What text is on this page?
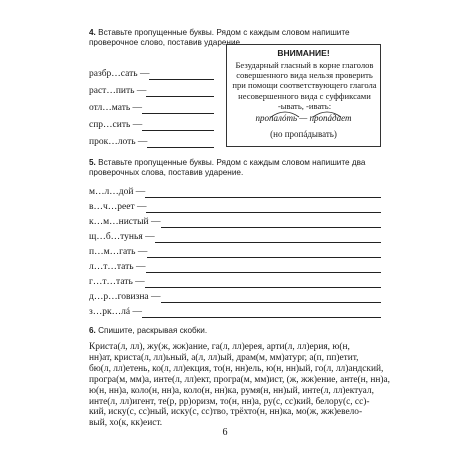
4. Вставьте пропущенные буквы. Рядом с каждым словом напишите проверочное слово, поставив ударение.
разбр…сать —
раст…пить —
отл…мать —
спр…сить —
прок…лоть —
ВНИМАНИЕ!
Безударный гласный в корне глаголов совершенного вида нельзя проверить при помощи соответствующего глагола несовершенного вида с суффиксами -ывать, -ивать:
пропалóть — пропáдает
(но пропáдывать)
5. Вставьте пропущенные буквы. Рядом с каждым словом напишите два проверочных слова, поставив ударение.
м…л…дой —
в…ч…реет —
к…м…нистый —
щ…б…тунья —
п…м…гать —
л…т…тать —
г…т…тать —
д…р…говизна —
з…рк…лá —
6. Спишите, раскрывая скобки.
6
Криста(л, лл), жу(ж, жж)ание, га(л, лл)ерея, арти(л, лл)ерия, ю(н,
нн)ат, криста(л, лл)ьный, а(л, лл)ый, драм(м, мм)атург, а(п, пп)етит,
бю(л, лл)етень, ко(л, лл)екция, то(н, нн)ель, ю(н, нн)ый, го(л, лл)андский,
програ(м, мм)а, инте(л, лл)ект, програ(м, мм)ист, (ж, жж)ение, анте(н, нн)а,
ю(н, нн)а, коло(н, нн)а, коло(н, нн)ка, румя(н, нн)ый, инте(л, лл)ектуал,
инте(л, лл)игент, те(р, рр)оризм, то(н, нн)а, ру(с, сс)кий, белору(с, сс)-
кий, иску(с, сс)ный, иску(с, сс)тво, трёхто(н, нн)ка, мо(ж, жж)евело-
вый, хо(к, кк)еист.
